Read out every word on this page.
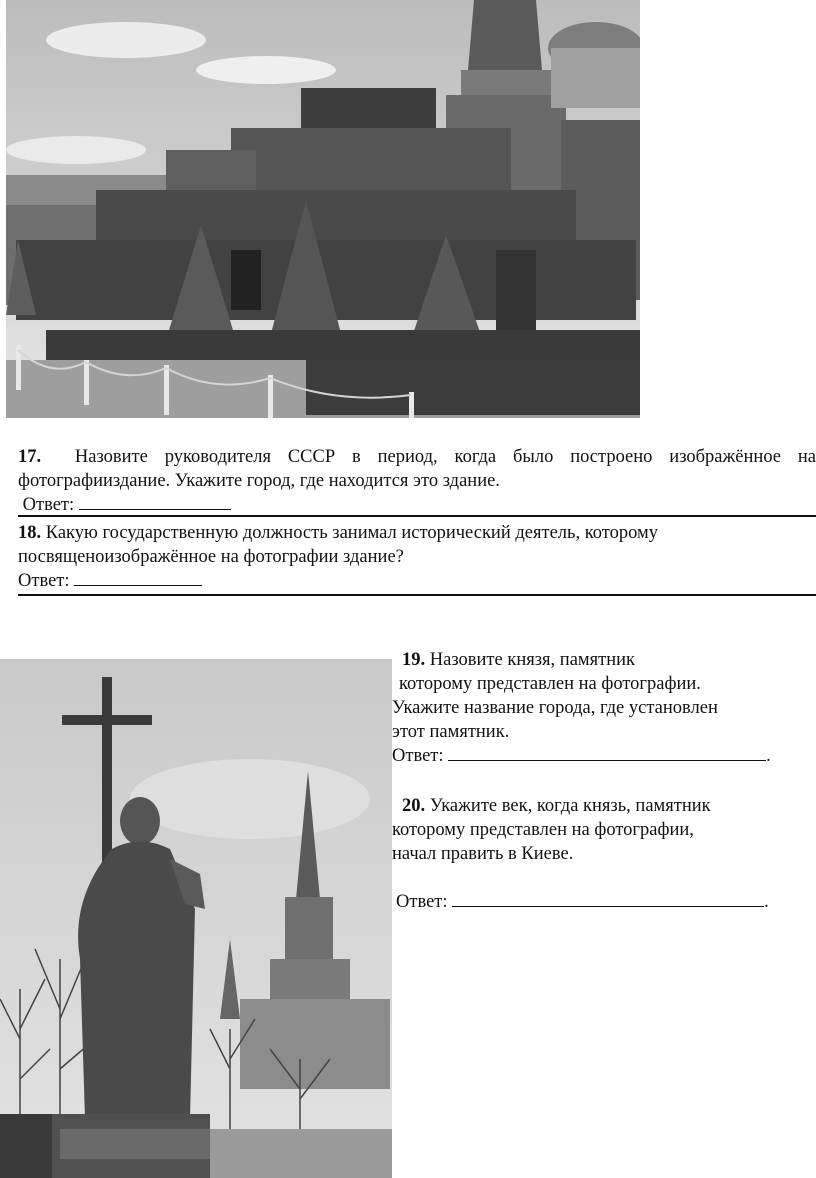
17. Назовите руководителя СССР в период, когда было построено изображённое на
фотографииздание. Укажите город, где находится это здание.
Ответ:
18. Какую государственную должность занимал исторический деятель, которому
посвященоизображённое на фотографии здание?
Ответ:
19. Назовите князя, памятник
которому представлен на фотографии.
Укажите название города, где установлен
этот памятник.
Ответ:	.
20. Укажите век, когда князь, памятник
которому представлен на фотографии,
начал править в Киеве.

Ответ:	.
